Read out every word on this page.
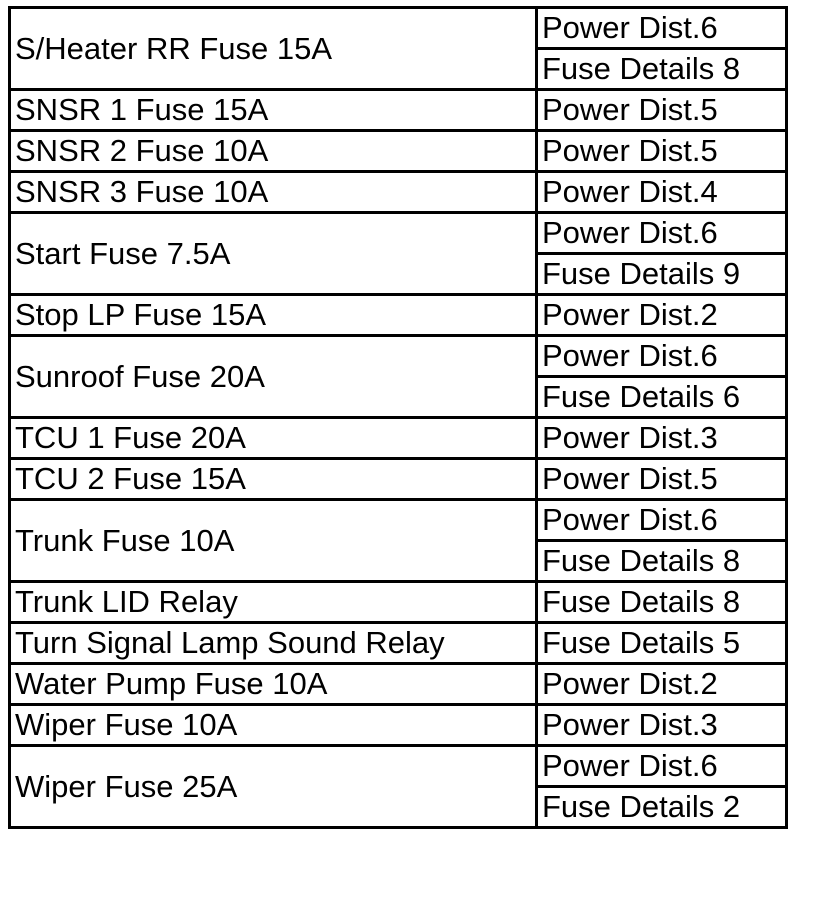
S/Heater RR Fuse 15A	Power Dist.6
	Fuse Details 8
SNSR 1 Fuse 15A	Power Dist.5
SNSR 2 Fuse 10A	Power Dist.5
SNSR 3 Fuse 10A	Power Dist.4
Start Fuse 7.5A	Power Dist.6
	Fuse Details 9
Stop LP Fuse 15A	Power Dist.2
Sunroof Fuse 20A	Power Dist.6
	Fuse Details 6
TCU 1 Fuse 20A	Power Dist.3
TCU 2 Fuse 15A	Power Dist.5
Trunk Fuse 10A	Power Dist.6
	Fuse Details 8
Trunk LID Relay	Fuse Details 8
Turn Signal Lamp Sound Relay	Fuse Details 5
Water Pump Fuse 10A	Power Dist.2
Wiper Fuse 10A	Power Dist.3
Wiper Fuse 25A	Power Dist.6
	Fuse Details 2
